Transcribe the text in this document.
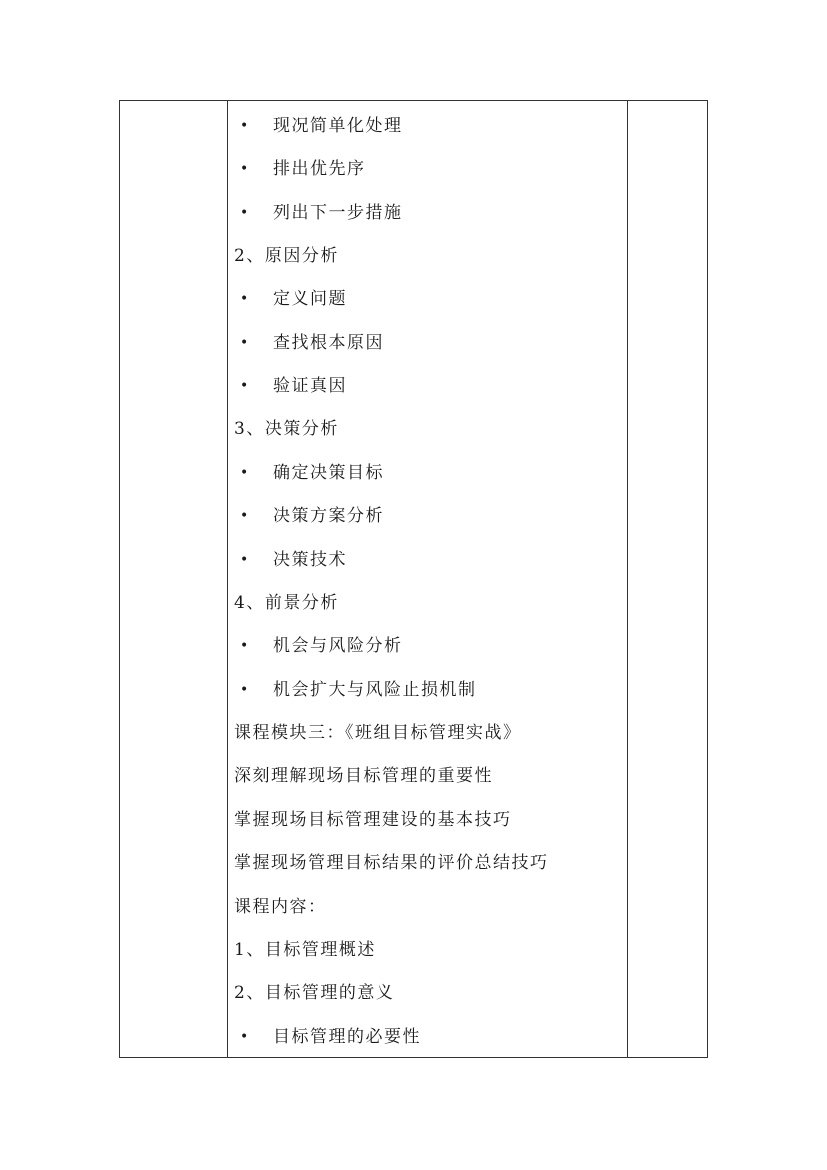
• 现况简单化处理
• 排出优先序
• 列出下一步措施
2、原因分析
• 定义问题
• 查找根本原因
• 验证真因
3、决策分析
• 确定决策目标
• 决策方案分析
• 决策技术
4、前景分析
• 机会与风险分析
• 机会扩大与风险止损机制
课程模块三：《班组目标管理实战》
深刻理解现场目标管理的重要性
掌握现场目标管理建设的基本技巧
掌握现场管理目标结果的评价总结技巧
课程内容：
1、目标管理概述
2、目标管理的意义
• 目标管理的必要性
